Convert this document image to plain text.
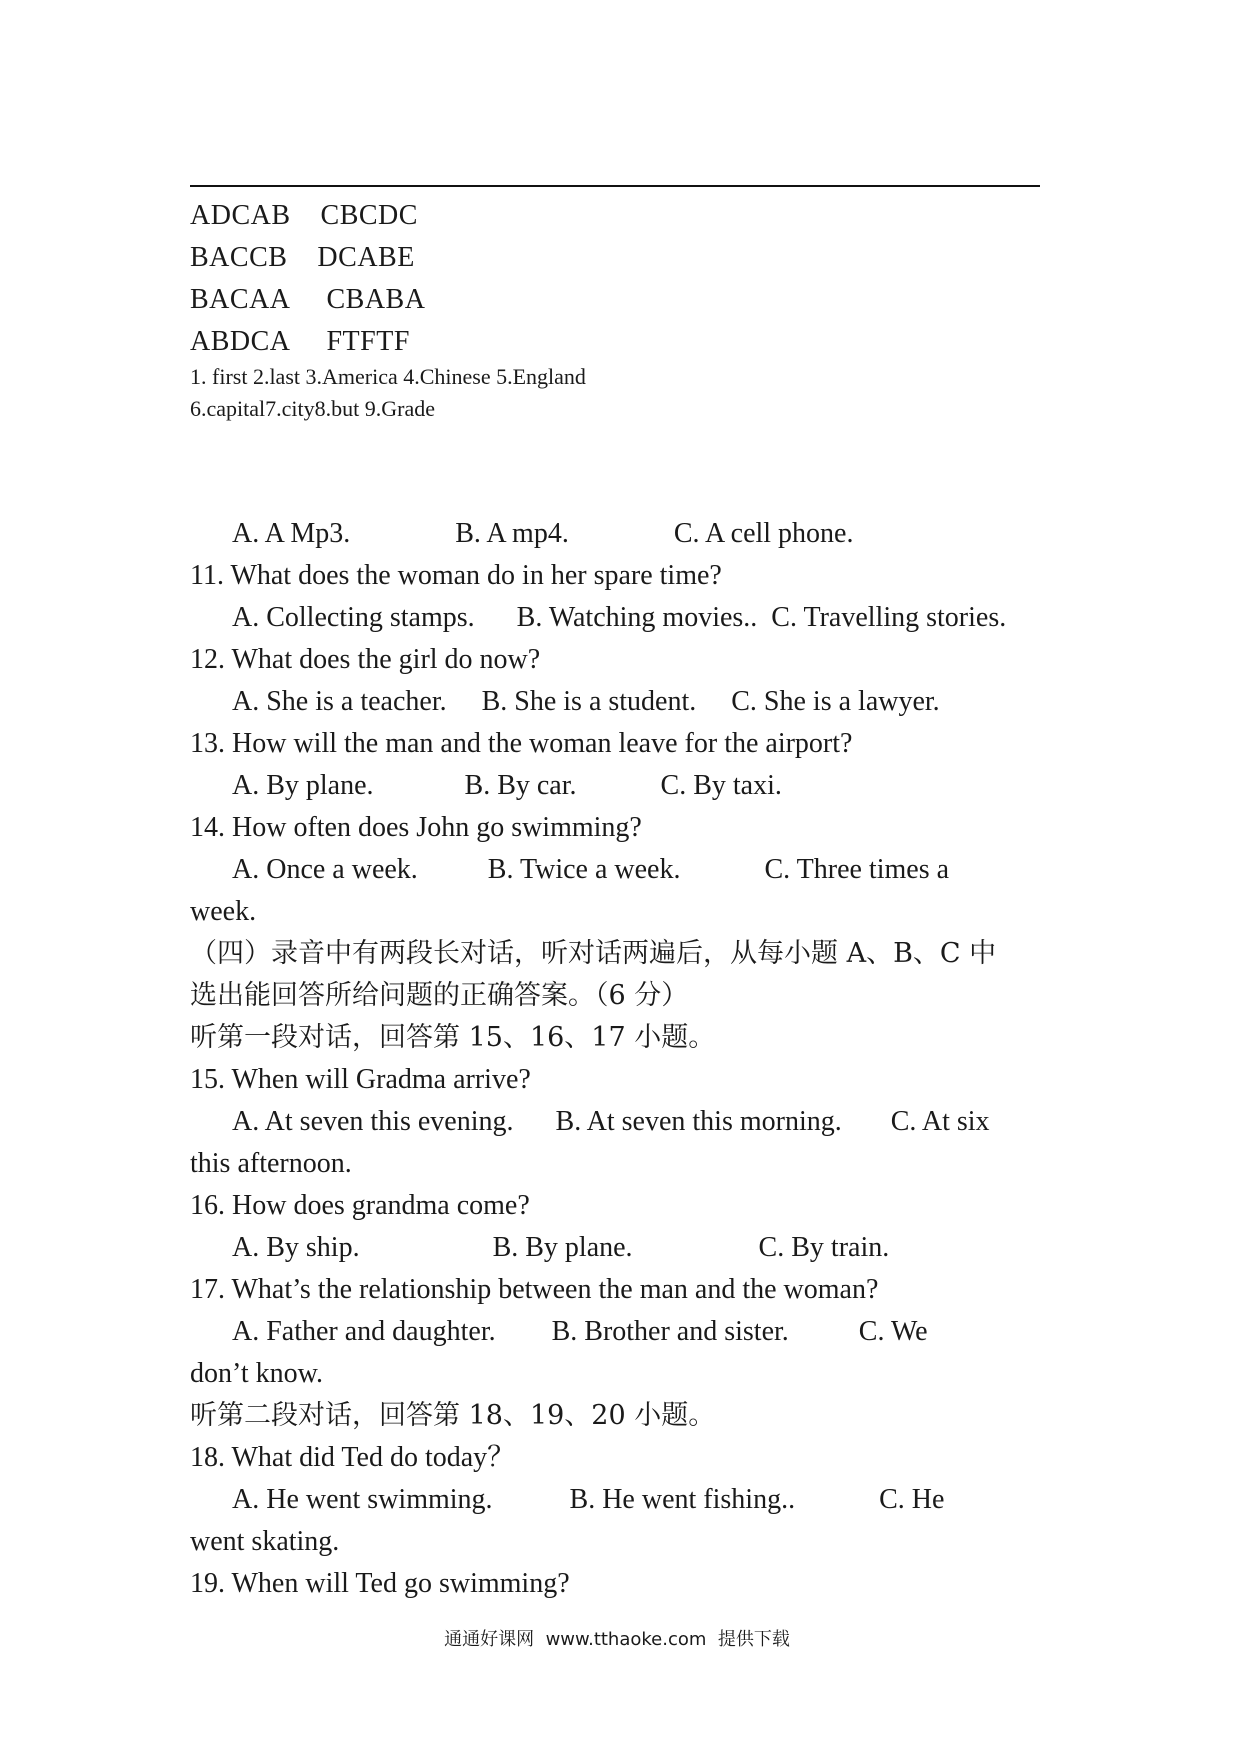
ADCAB    CBCDC
BACCB    DCABE
BACAA     CBABA
ABDCA     FTFTF
1. first 2.last 3.America 4.Chinese 5.England
6.capital7.city8.but 9.Grade
A. A Mp3.               B. A mp4.               C. A cell phone.
11. What does the woman do in her spare time?
A. Collecting stamps.      B. Watching movies..  C. Travelling stories.
12. What does the girl do now?
A. She is a teacher.     B. She is a student.     C. She is a lawyer.
13. How will the man and the woman leave for the airport?
A. By plane.             B. By car.            C. By taxi.
14. How often does John go swimming?
A. Once a week.          B. Twice a week.            C. Three times a
week.
（四）录音中有两段长对话，听对话两遍后，从每小题 A、B、C 中
选出能回答所给问题的正确答案。（6 分）
听第一段对话，回答第 15、16、17 小题。
15. When will Gradma arrive?
A. At seven this evening.      B. At seven this morning.       C. At six
this afternoon.
16. How does grandma come?
A. By ship.                   B. By plane.                  C. By train.
17. What’s the relationship between the man and the woman?
A. Father and daughter.        B. Brother and sister.          C. We
don’t know.
听第二段对话，回答第 18、19、20 小题。
18. What did Ted do today？
A. He went swimming.           B. He went fishing..            C. He
went skating.
19. When will Ted go swimming?
通通好课网  www.tthaoke.com  提供下载
